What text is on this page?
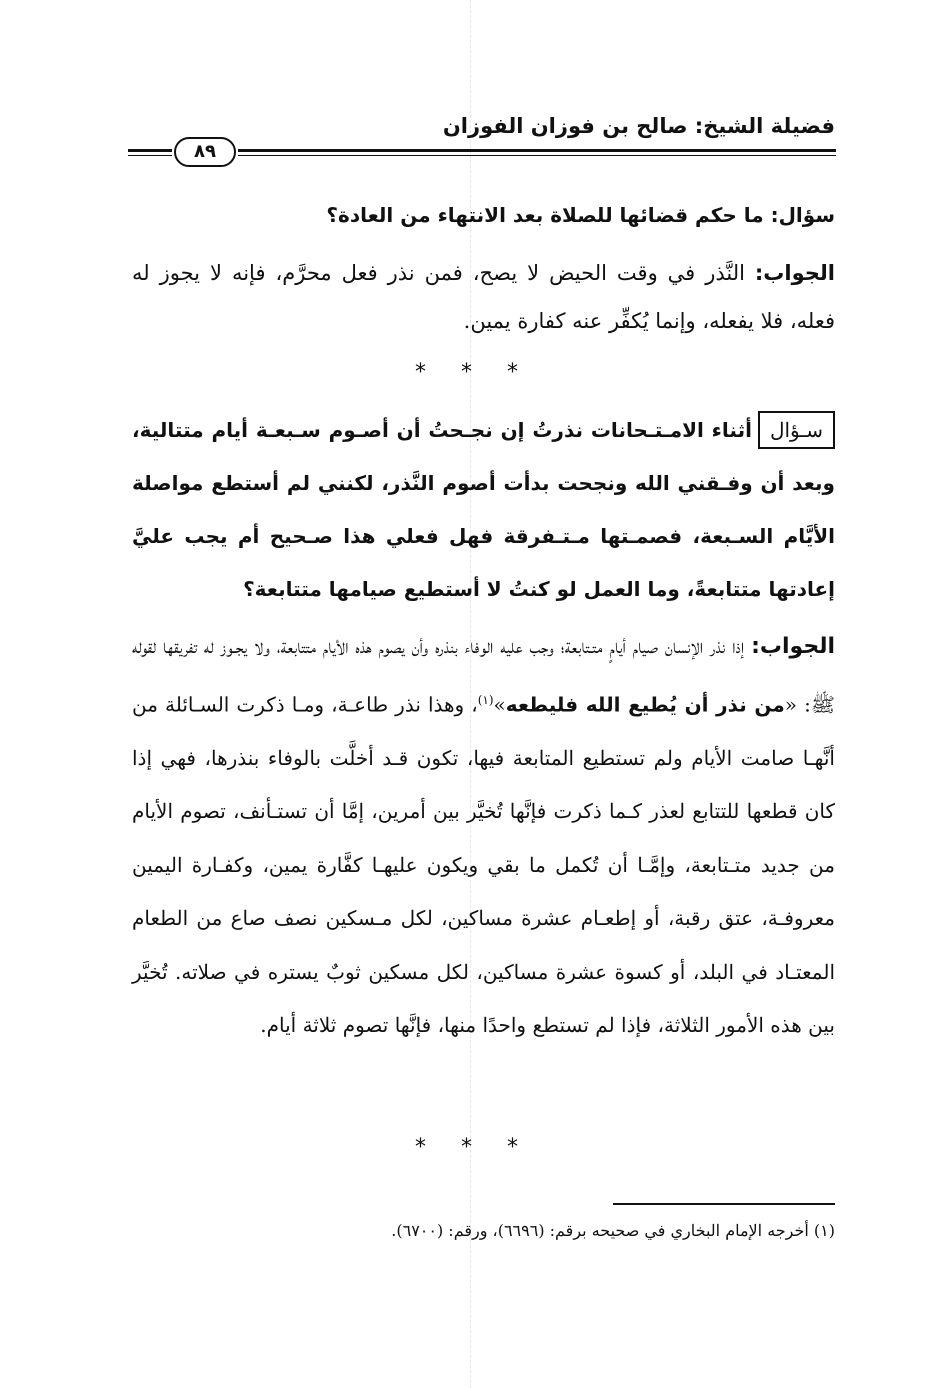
فضيلة الشيخ: صالح بن فوزان الفوزان
٨٩
سؤال: ما حكم قضائها للصلاة بعد الانتهاء من العادة؟
الجواب: النَّذر في وقت الحيض لا يصح، فمن نذر فعل محرَّم، فإنه لا يجوز له فعله، فلا يفعله، وإنما يُكفِّر عنه كفارة يمين.
* * *
سـؤالأثناء الامـتـحانات نذرتُ إن نجـحتُ أن أصـوم سـبعـة أيام متتالية، وبعد أن وفـقني الله ونجحت بدأت أصوم النَّذر، لكنني لم أستطع مواصلة الأيَّام السـبعة، فصمـتها مـتـفرقة فهل فعلي هذا صـحيح أم يجب عليَّ إعادتها متتابعةً، وما العمل لو كنتُ لا أستطيع صيامها متتابعة؟
الجواب: إذا نذر الإنسان صيام أيامٍ متـتابعة؛ وجب عليه الوفاء بنذره وأن يصوم هذه الأيام متتابعة، ولا يجـوز له تفريقها لقوله ﷺ: «من نذر أن يُطيع الله فليطعه»$^{(١)}$، وهذا نذر طاعـة، ومـا ذكرت السـائلة من أنَّهـا صامت الأيام ولم تستطيع المتابعة فيها، تكون قـد أخلَّت بالوفاء بنذرها، فهي إذا كان قطعها للتتابع لعذر كـما ذكرت فإنَّها تُخيَّر بين أمرين، إمَّا أن تستـأنف، تصوم الأيام من جديد متـتابعة، وإمَّـا أن تُكمل ما بقي ويكون عليهـا كفَّارة يمين، وكفـارة اليمين معروفـة، عتق رقبة، أو إطعـام عشرة مساكين، لكل مـسكين نصف صاع من الطعام المعتـاد في البلد، أو كسوة عشرة مساكين، لكل مسكين ثوبٌ يستره في صلاته. تُخيَّر بين هذه الأمور الثلاثة، فإذا لم تستطع واحدًا منها، فإنَّها تصوم ثلاثة أيام.
* * *
(١) أخرجه الإمام البخاري في صحيحه برقم: (٦٦٩٦)، ورقم: (٦٧٠٠).
